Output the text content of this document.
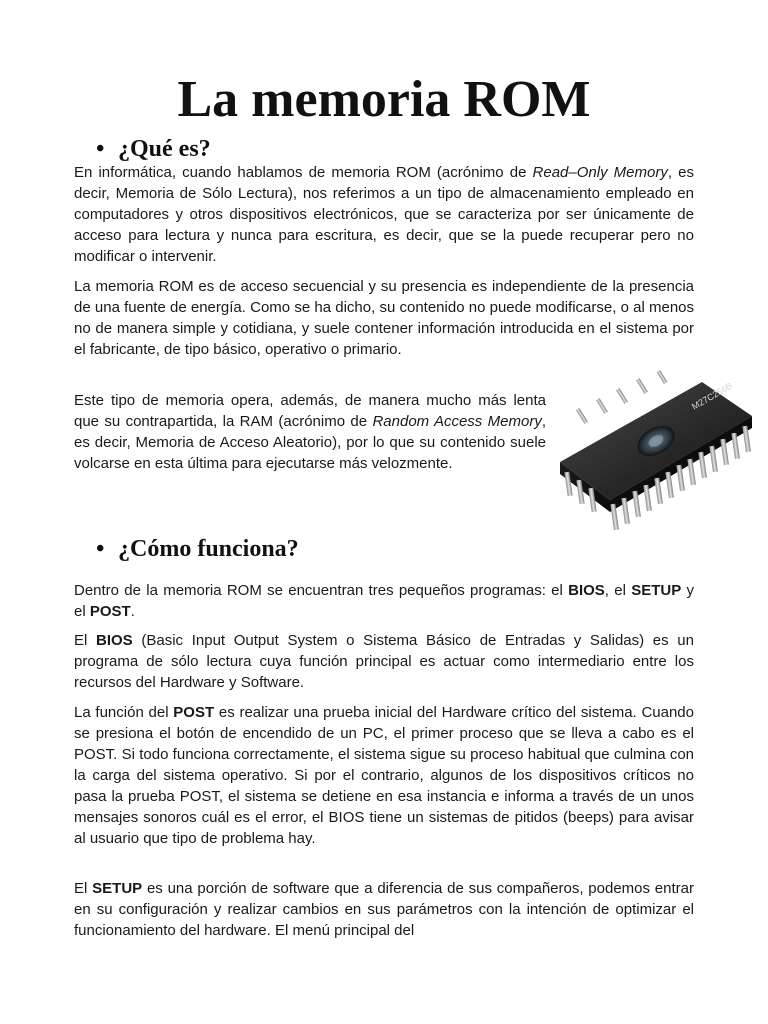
La memoria ROM
• ¿Qué es?

En informática, cuando hablamos de memoria ROM (acrónimo de Read–Only Memory, es decir, Memoria de Sólo Lectura), nos referimos a un tipo de almacenamiento empleado en computadores y otros dispositivos electrónicos, que se caracteriza por ser únicamente de acceso para lectura y nunca para escritura, es decir, que se la puede recuperar pero no modificar o intervenir.

La memoria ROM es de acceso secuencial y su presencia es independiente de la presencia de una fuente de energía. Como se ha dicho, su contenido no puede modificarse, o al menos no de manera simple y cotidiana, y suele contener información introducida en el sistema por el fabricante, de tipo básico, operativo o primario.

Este tipo de memoria opera, además, de manera mucho más lenta que su contrapartida, la RAM (acrónimo de Random Access Memory, es decir, Memoria de Acceso Aleatorio), por lo que su contenido suele volcarse en esta última para ejecutarse más velozmente.

M27C256B
• ¿Cómo funciona?

Dentro de la memoria ROM se encuentran tres pequeños programas: el BIOS, el SETUP y el POST.

El BIOS (Basic Input Output System o Sistema Básico de Entradas y Salidas) es un programa de sólo lectura cuya función principal es actuar como intermediario entre los recursos del Hardware y Software.

La función del POST es realizar una prueba inicial del Hardware crítico del sistema. Cuando se presiona el botón de encendido de un PC, el primer proceso que se lleva a cabo es el POST. Si todo funciona correctamente, el sistema sigue su proceso habitual que culmina con la carga del sistema operativo. Si por el contrario, algunos de los dispositivos críticos no pasa la prueba POST, el sistema se detiene en esa instancia e informa a través de un unos mensajes sonoros cuál es el error, el BIOS tiene un sistemas de pitidos (beeps) para avisar al usuario que tipo de problema hay.

El SETUP es una porción de software que a diferencia de sus compañeros, podemos entrar en su configuración y realizar cambios en sus parámetros con la intención de optimizar el funcionamiento del hardware. El menú principal del
